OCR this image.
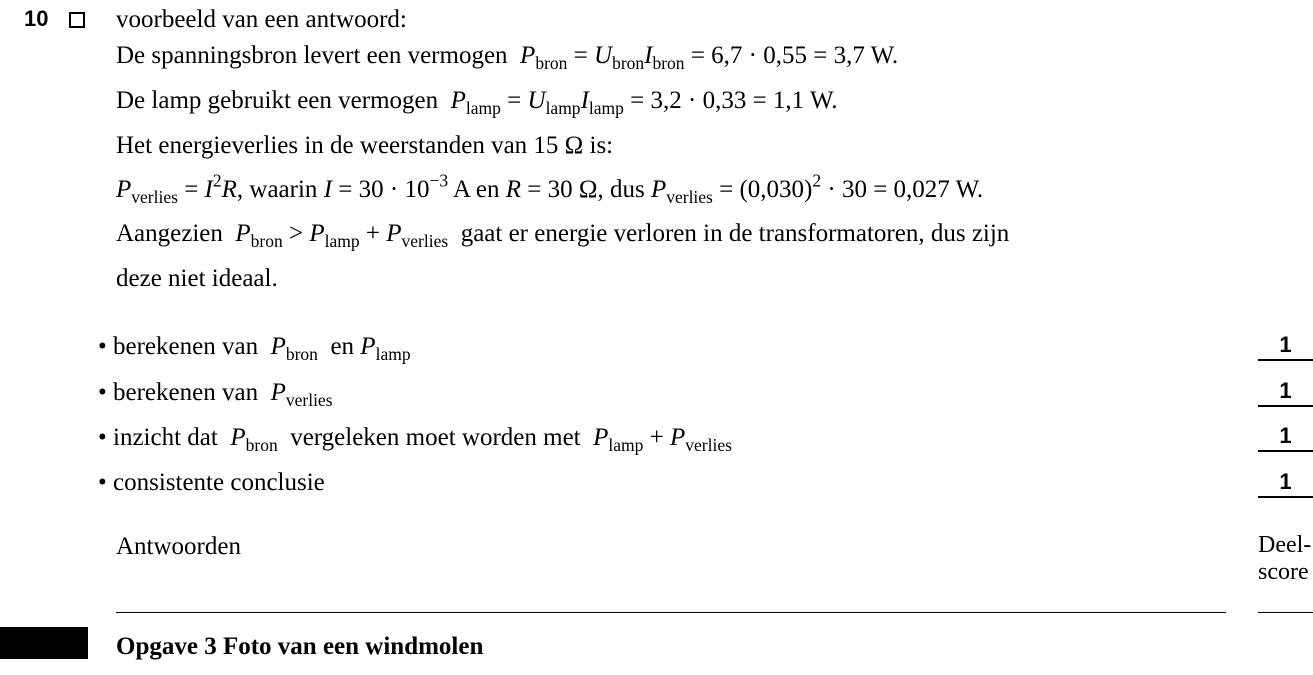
10	voorbeeld van een antwoord:
De spanningsbron levert een vermogen $P_{bron} = U_{bron}I_{bron} = 6,7 \cdot 0,55 = 3,7$ W.
De lamp gebruikt een vermogen $P_{lamp} = U_{lamp}I_{lamp} = 3,2 \cdot 0,33 = 1,1$ W.
Het energieverlies in de weerstanden van 15 Ω is:
$P_{verlies} = I^2R$, waarin $I = 30 \cdot 10^{-3}$ A en R = 30 Ω, dus $P_{verlies} = (0,030)^2 \cdot 30 = 0,027$ W.
Aangezien $P_{bron} > P_{lamp} + P_{verlies}$ gaat er energie verloren in de transformatoren, dus zijn
deze niet ideaal.
• berekenen van $P_{bron}$ en $P_{lamp}$	1
• berekenen van $P_{verlies}$	1
• inzicht dat $P_{bron}$ vergeleken moet worden met $P_{lamp} + P_{verlies}$	1
• consistente conclusie	1
Antwoorden	Deel-score
Opgave 3 Foto van een windmolen
